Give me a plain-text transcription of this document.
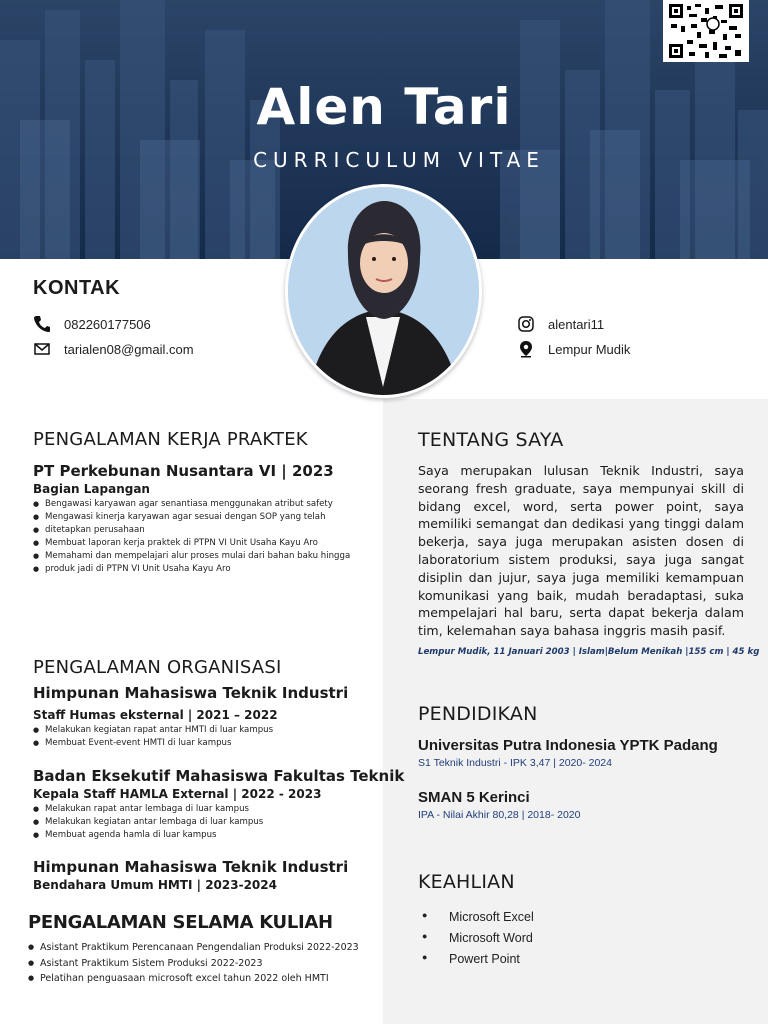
Alen Tari
CURRICULUM VITAE
KONTAK
082260177506
tarialen08@gmail.com
alentari11
Lempur Mudik
PENGALAMAN KERJA PRAKTEK
PT Perkebunan Nusantara VI | 2023
Bagian Lapangan
● Bengawasi karyawan agar senantiasa menggunakan atribut safety
● Mengawasi kinerja karyawan agar sesuai dengan SOP yang telah
● ditetapkan perusahaan
● Membuat laporan kerja praktek di PTPN VI Unit Usaha Kayu Aro
● Memahami dan mempelajari alur proses mulai dari bahan baku hingga
● produk jadi di PTPN VI Unit Usaha Kayu Aro
PENGALAMAN ORGANISASI
Himpunan Mahasiswa Teknik Industri
Staff Humas eksternal | 2021 – 2022
● Melakukan kegiatan rapat antar HMTI di luar kampus
● Membuat Event-event HMTI di luar kampus
Badan Eksekutif Mahasiswa Fakultas Teknik
Kepala Staff HAMLA External | 2022 - 2023
● Melakukan rapat antar lembaga di luar kampus
● Melakukan kegiatan antar lembaga di luar kampus
● Membuat agenda hamla di luar kampus
Himpunan Mahasiswa Teknik Industri
Bendahara Umum HMTI | 2023-2024
PENGALAMAN SELAMA KULIAH
● Asistant Praktikum Perencanaan Pengendalian Produksi 2022-2023
● Asistant Praktikum Sistem Produksi 2022-2023
● Pelatihan penguasaan microsoft excel tahun 2022 oleh HMTI
TENTANG SAYA
Saya merupakan lulusan Teknik Industri, saya seorang fresh graduate, saya mempunyai skill di bidang excel, word, serta power point, saya memiliki semangat dan dedikasi yang tinggi dalam bekerja, saya juga merupakan asisten dosen di laboratorium sistem produksi, saya juga sangat disiplin dan jujur, saya juga memiliki kemampuan komunikasi yang baik, mudah beradaptasi, suka mempelajari hal baru, serta dapat bekerja dalam tim, kelemahan saya bahasa inggris masih pasif.
Lempur Mudik, 11 Januari 2003 | Islam|Belum Menikah |155 cm | 45 kg
PENDIDIKAN
Universitas Putra Indonesia YPTK Padang
S1 Teknik Industri - IPK 3,47 | 2020- 2024
SMAN 5 Kerinci
IPA - Nilai Akhir 80,28 | 2018- 2020
KEAHLIAN
● Microsoft Excel
● Microsoft Word
● Powert Point
